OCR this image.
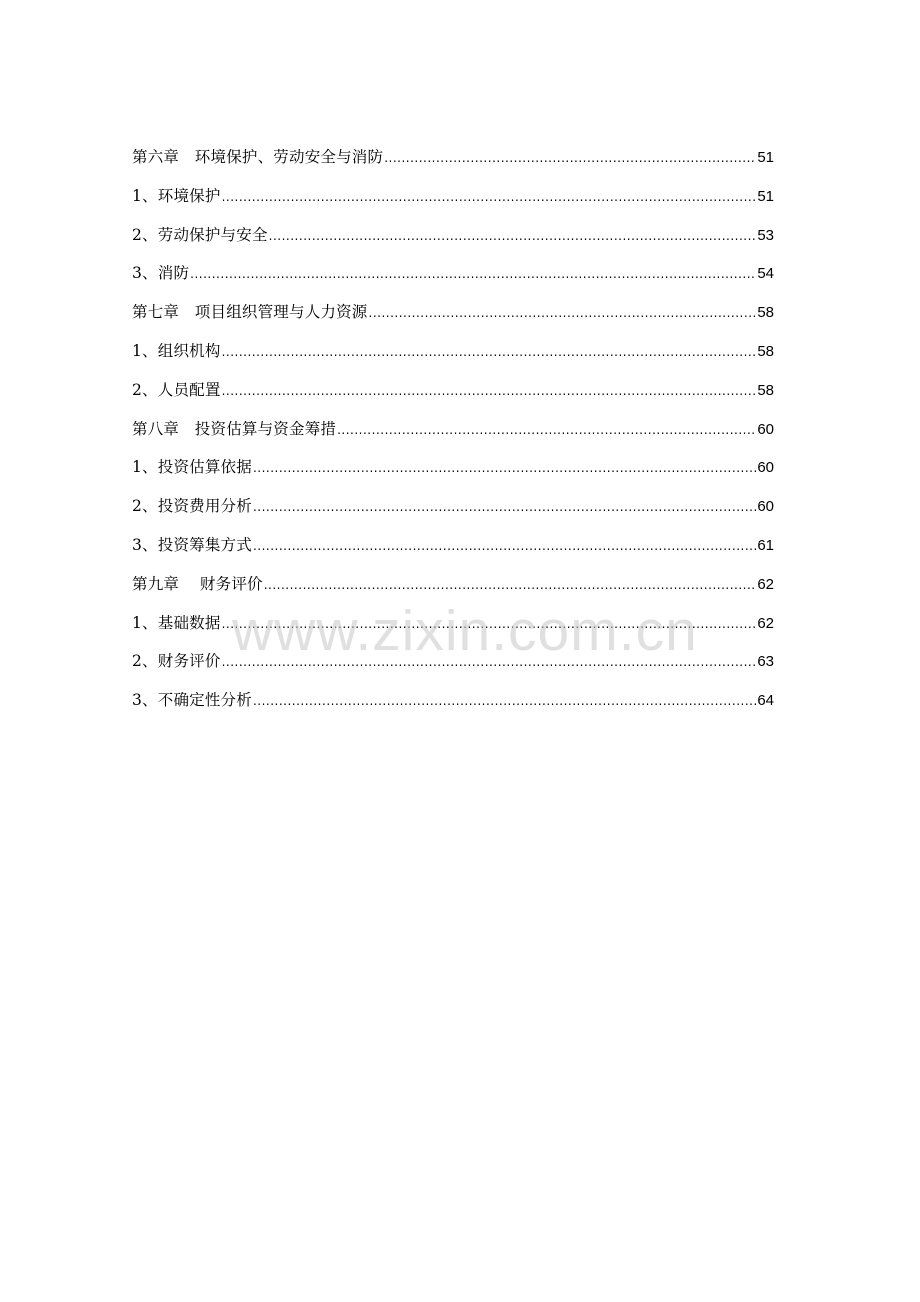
第六章　环境保护、劳动安全与消防 .....	51
1、环境保护 .....	51
2、劳动保护与安全 .....	53
3、消防 .....	54
第七章　项目组织管理与人力资源 .....	58
1、组织机构 .....	58
2、人员配置 .....	58
第八章　投资估算与资金筹措 .....	60
1、投资估算依据 .....	60
2、投资费用分析 .....	60
3、投资筹集方式 .....	61
第九章　 财务评价 .....	62
1、基础数据 .....	62
2、财务评价 .....	63
3、不确定性分析 .....	64
www.zixin.com.cn
